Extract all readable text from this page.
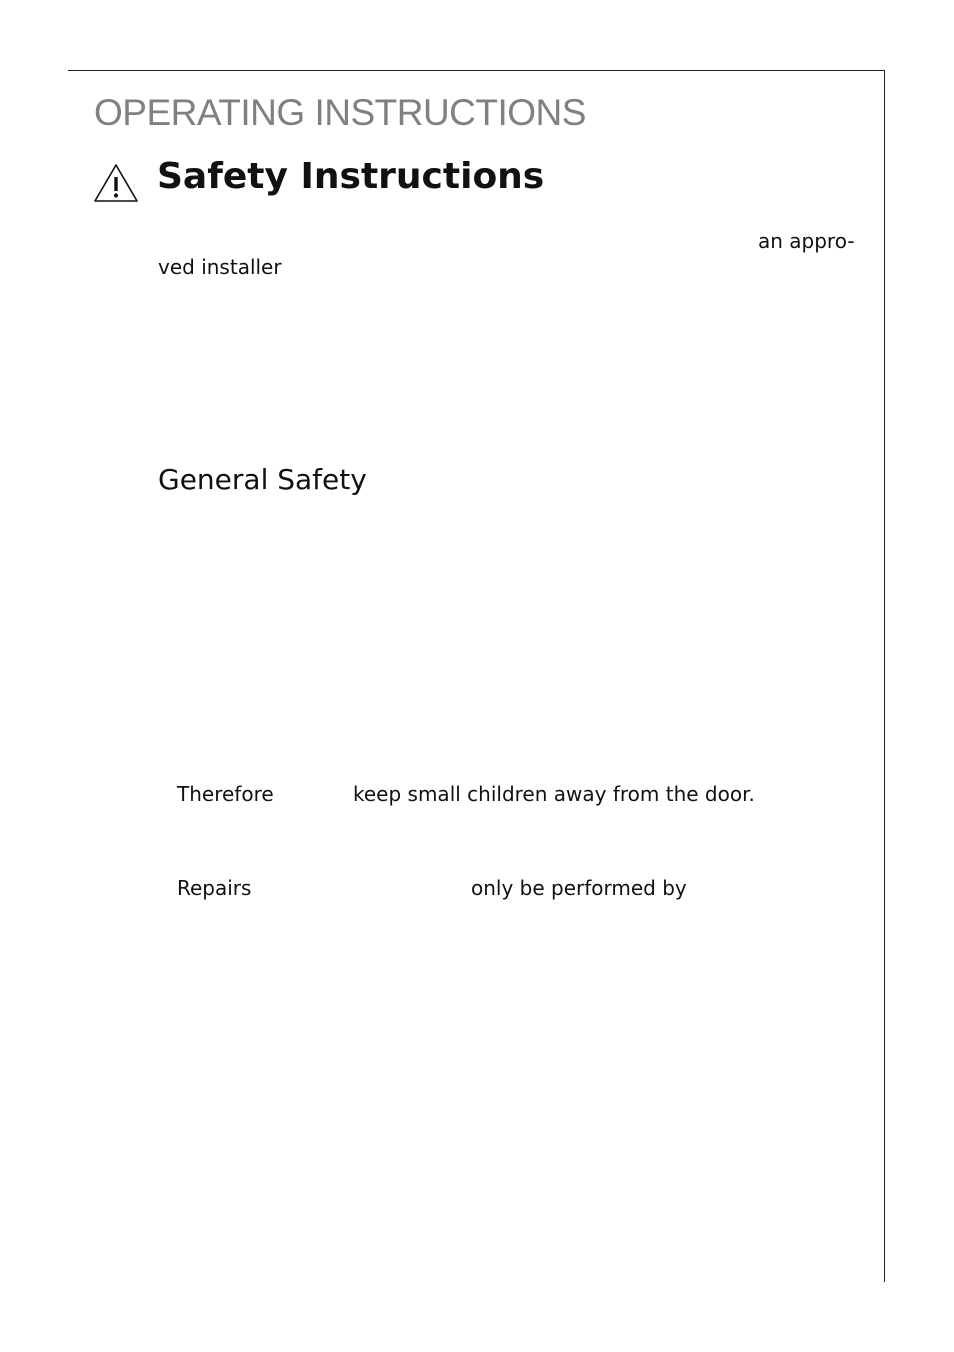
OPERATING INSTRUCTIONS
Safety Instructions
an appro-
ved installer
General Safety
Therefore	keep small children away from the door.
Repairs	only be performed by
